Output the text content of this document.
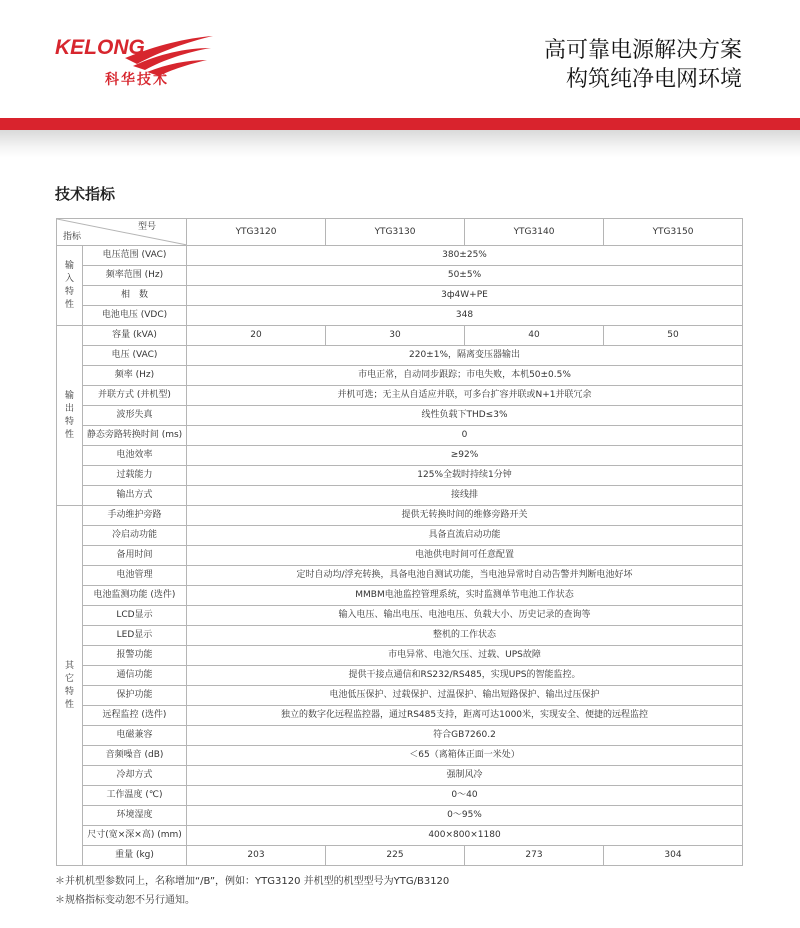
KELONG
科华技术
高可靠电源解决方案
构筑纯净电网环境
技术指标
型号
指标		YTG3120	YTG3130	YTG3140	YTG3150

输
入
特
性	电压范围 (VAC)	380±25%			
	频率范围 (Hz)	50±5%			
	相　数	3ф4W+PE			
	电池电压 (VDC)	348			

输
出
特
性	容量 (kVA)	20	30	40	50
	电压 (VAC)	220±1%，隔离变压器输出			
	频率 (Hz)	市电正常，自动同步跟踪；市电失败，本机50±0.5%			
	并联方式 (并机型)	并机可选；无主从自适应并联，可多台扩容并联或N+1并联冗余			
	波形失真	线性负载下THD≤3%			
	静态旁路转换时间 (ms)	0			
	电池效率	≥92%			
	过载能力	125%全载时持续1分钟			
	输出方式	接线排			

其
它
特
性	手动维护旁路	提供无转换时间的维修旁路开关			
	冷启动功能	具备直流启动功能			
	备用时间	电池供电时间可任意配置			
	电池管理	定时自动均/浮充转换，具备电池自测试功能，当电池异常时自动告警并判断电池好坏			
	电池监测功能 (选件)	MMBM电池监控管理系统，实时监测单节电池工作状态			
	LCD显示	输入电压、输出电压、电池电压、负载大小、历史记录的查询等			
	LED显示	整机的工作状态			
	报警功能	市电异常、电池欠压、过载、UPS故障			
	通信功能	提供干接点通信和RS232/RS485，实现UPS的智能监控。			
	保护功能	电池低压保护、过载保护、过温保护、输出短路保护、输出过压保护			
	远程监控 (选件)	独立的数字化远程监控器，通过RS485支持，距离可达1000米，实现安全、便捷的远程监控			
	电磁兼容	符合GB7260.2			
	音频噪音 (dB)	＜65（离箱体正面一米处）			
	冷却方式	强制风冷			
	工作温度 (℃)	0～40			
	环境湿度	0～95%			
	尺寸(宽×深×高) (mm)	400×800×1180			
	重量 (kg)	203	225	273	304
＊并机机型参数同上，名称增加“/B”，例如：YTG3120 并机型的机型型号为YTG/B3120
＊规格指标变动恕不另行通知。
